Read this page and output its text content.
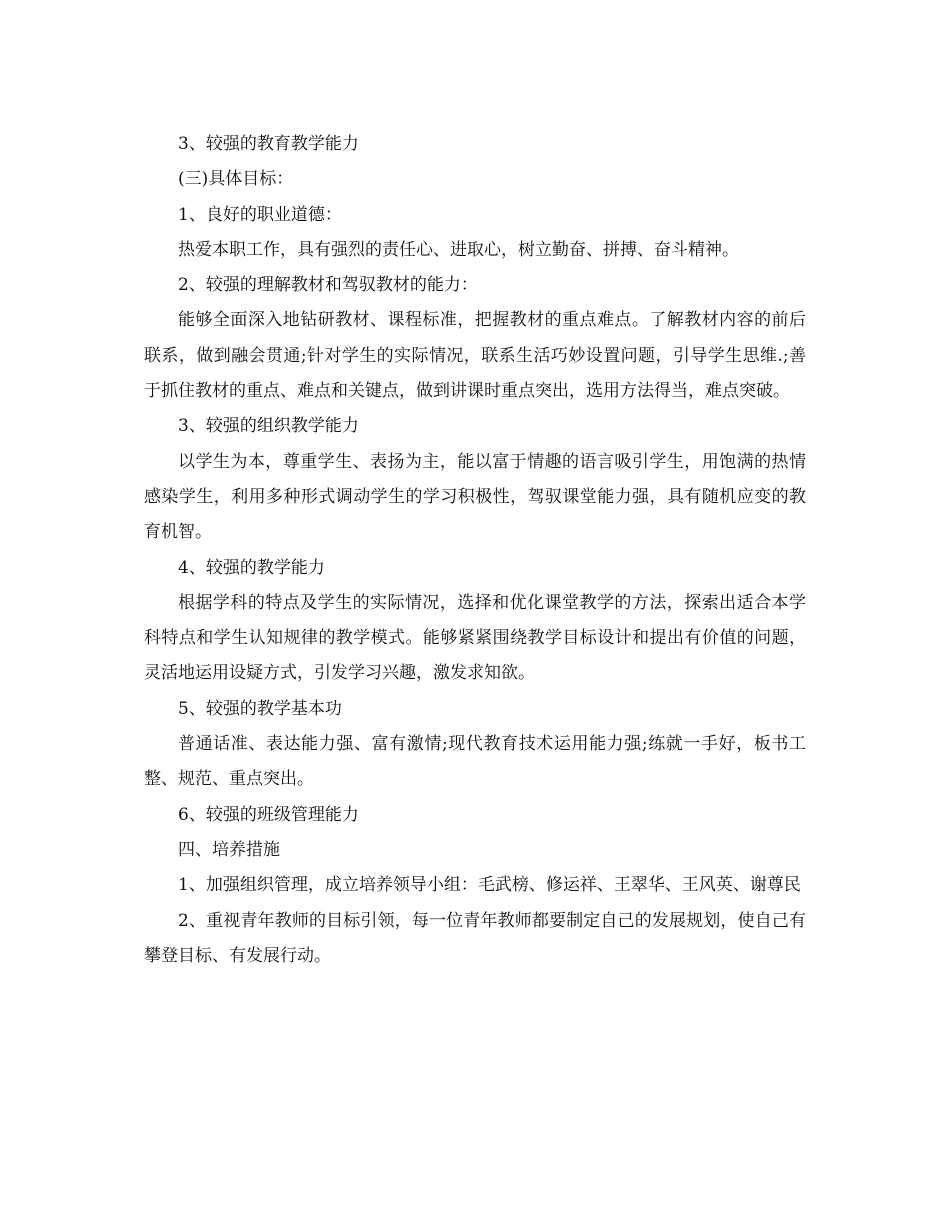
3、较强的教育教学能力

(三)具体目标：

1、良好的职业道德：

热爱本职工作，具有强烈的责任心、进取心，树立勤奋、拼搏、奋斗精神。

2、较强的理解教材和驾驭教材的能力：

能够全面深入地钻研教材、课程标准，把握教材的重点难点。了解教材内容的前后联系，做到融会贯通;针对学生的实际情况，联系生活巧妙设置问题，引导学生思维.;善于抓住教材的重点、难点和关键点，做到讲课时重点突出，选用方法得当，难点突破。

3、较强的组织教学能力

以学生为本，尊重学生、表扬为主，能以富于情趣的语言吸引学生，用饱满的热情感染学生，利用多种形式调动学生的学习积极性，驾驭课堂能力强，具有随机应变的教育机智。

4、较强的教学能力

根据学科的特点及学生的实际情况，选择和优化课堂教学的方法，探索出适合本学科特点和学生认知规律的教学模式。能够紧紧围绕教学目标设计和提出有价值的问题，灵活地运用设疑方式，引发学习兴趣，激发求知欲。

5、较强的教学基本功

普通话准、表达能力强、富有激情;现代教育技术运用能力强;练就一手好，板书工整、规范、重点突出。

6、较强的班级管理能力

四、培养措施

1、加强组织管理，成立培养领导小组：毛武榜、修运祥、王翠华、王风英、谢尊民

2、重视青年教师的目标引领，每一位青年教师都要制定自己的发展规划，使自己有攀登目标、有发展行动。
